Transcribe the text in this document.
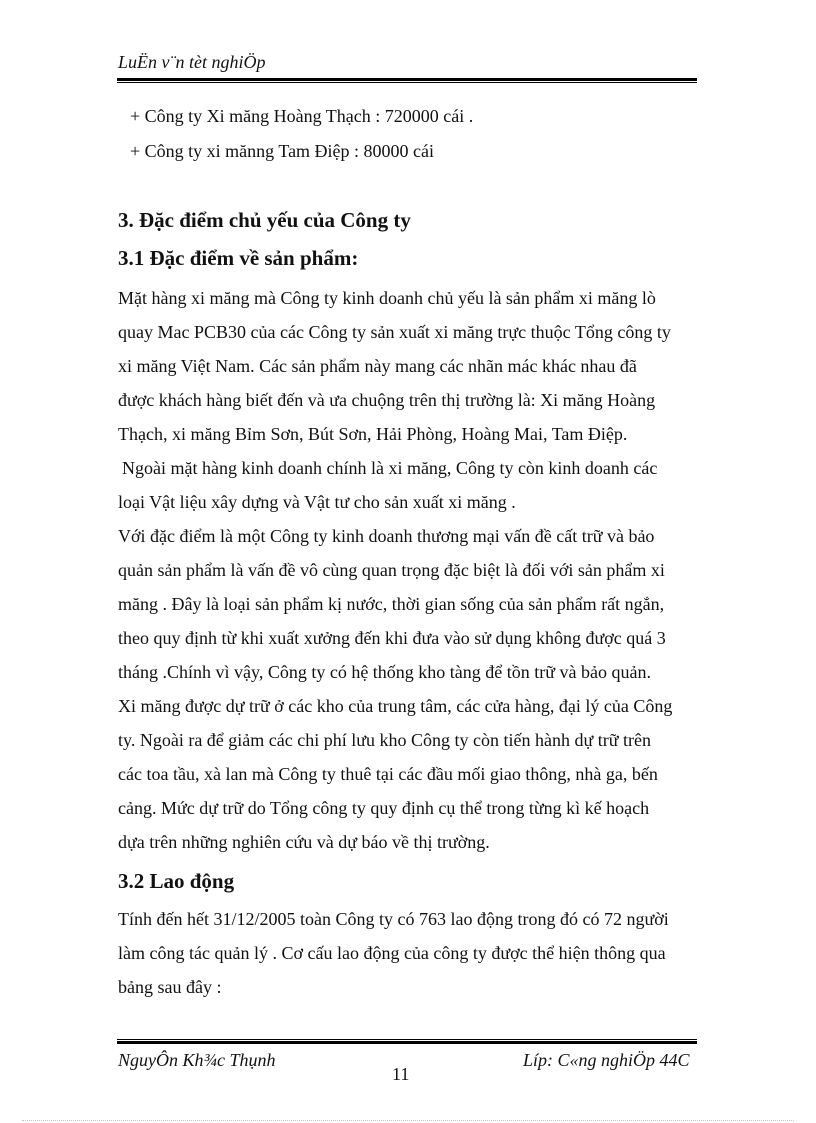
LuËn v¨n tèt nghiÖp
+ Công ty Xi măng Hoàng Thạch : 720000 cái .
+ Công ty xi mănng Tam Điệp : 80000 cái
3. Đặc điểm chủ yếu của Công ty
3.1 Đặc điểm về sản phẩm:
Mặt hàng xi măng mà Công ty kinh doanh chủ yếu là sản phẩm xi măng lò
quay Mac PCB30 của các Công ty sản xuất xi măng trực thuộc Tổng công ty
xi măng Việt Nam. Các sản phẩm này mang các nhãn mác khác nhau đã
được khách hàng biết đến và ưa chuộng trên thị trường là: Xi măng Hoàng
Thạch, xi măng Bỉm Sơn, Bút Sơn, Hải Phòng, Hoàng Mai, Tam Điệp.
Ngoài mặt hàng kinh doanh chính là xi măng, Công ty còn kinh doanh các
loại Vật liệu xây dựng và Vật tư cho sản xuất xi măng .
Với đặc điểm là một Công ty kinh doanh thương mại vấn đề cất trữ và bảo
quản sản phẩm là vấn đề vô cùng quan trọng đặc biệt là đối với sản phẩm xi
măng . Đây là loại sản phẩm kị nước, thời gian sống của sản phẩm rất ngắn,
theo quy định từ khi xuất xưởng đến khi đưa vào sử dụng không được quá 3
tháng .Chính vì vậy, Công ty có hệ thống kho tàng để tồn trữ và bảo quản.
Xi măng được dự trữ ở các kho của trung tâm, các cửa hàng, đại lý của Công
ty. Ngoài ra để giảm các chi phí lưu kho Công ty còn tiến hành dự trữ trên
các toa tầu, xà lan mà Công ty thuê tại các đầu mối giao thông, nhà ga, bến
cảng. Mức dự trữ do Tổng công ty quy định cụ thể trong từng kì kế hoạch
dựa trên những nghiên cứu và dự báo về thị trường.
3.2 Lao động
Tính đến hết 31/12/2005 toàn Công ty có 763 lao động trong đó có 72 người
làm công tác quản lý . Cơ cấu lao động của công ty được thể hiện thông qua
bảng sau đây :
NguyÔn Kh¾c Thụnh
11
Líp: C«ng nghiÖp 44C
